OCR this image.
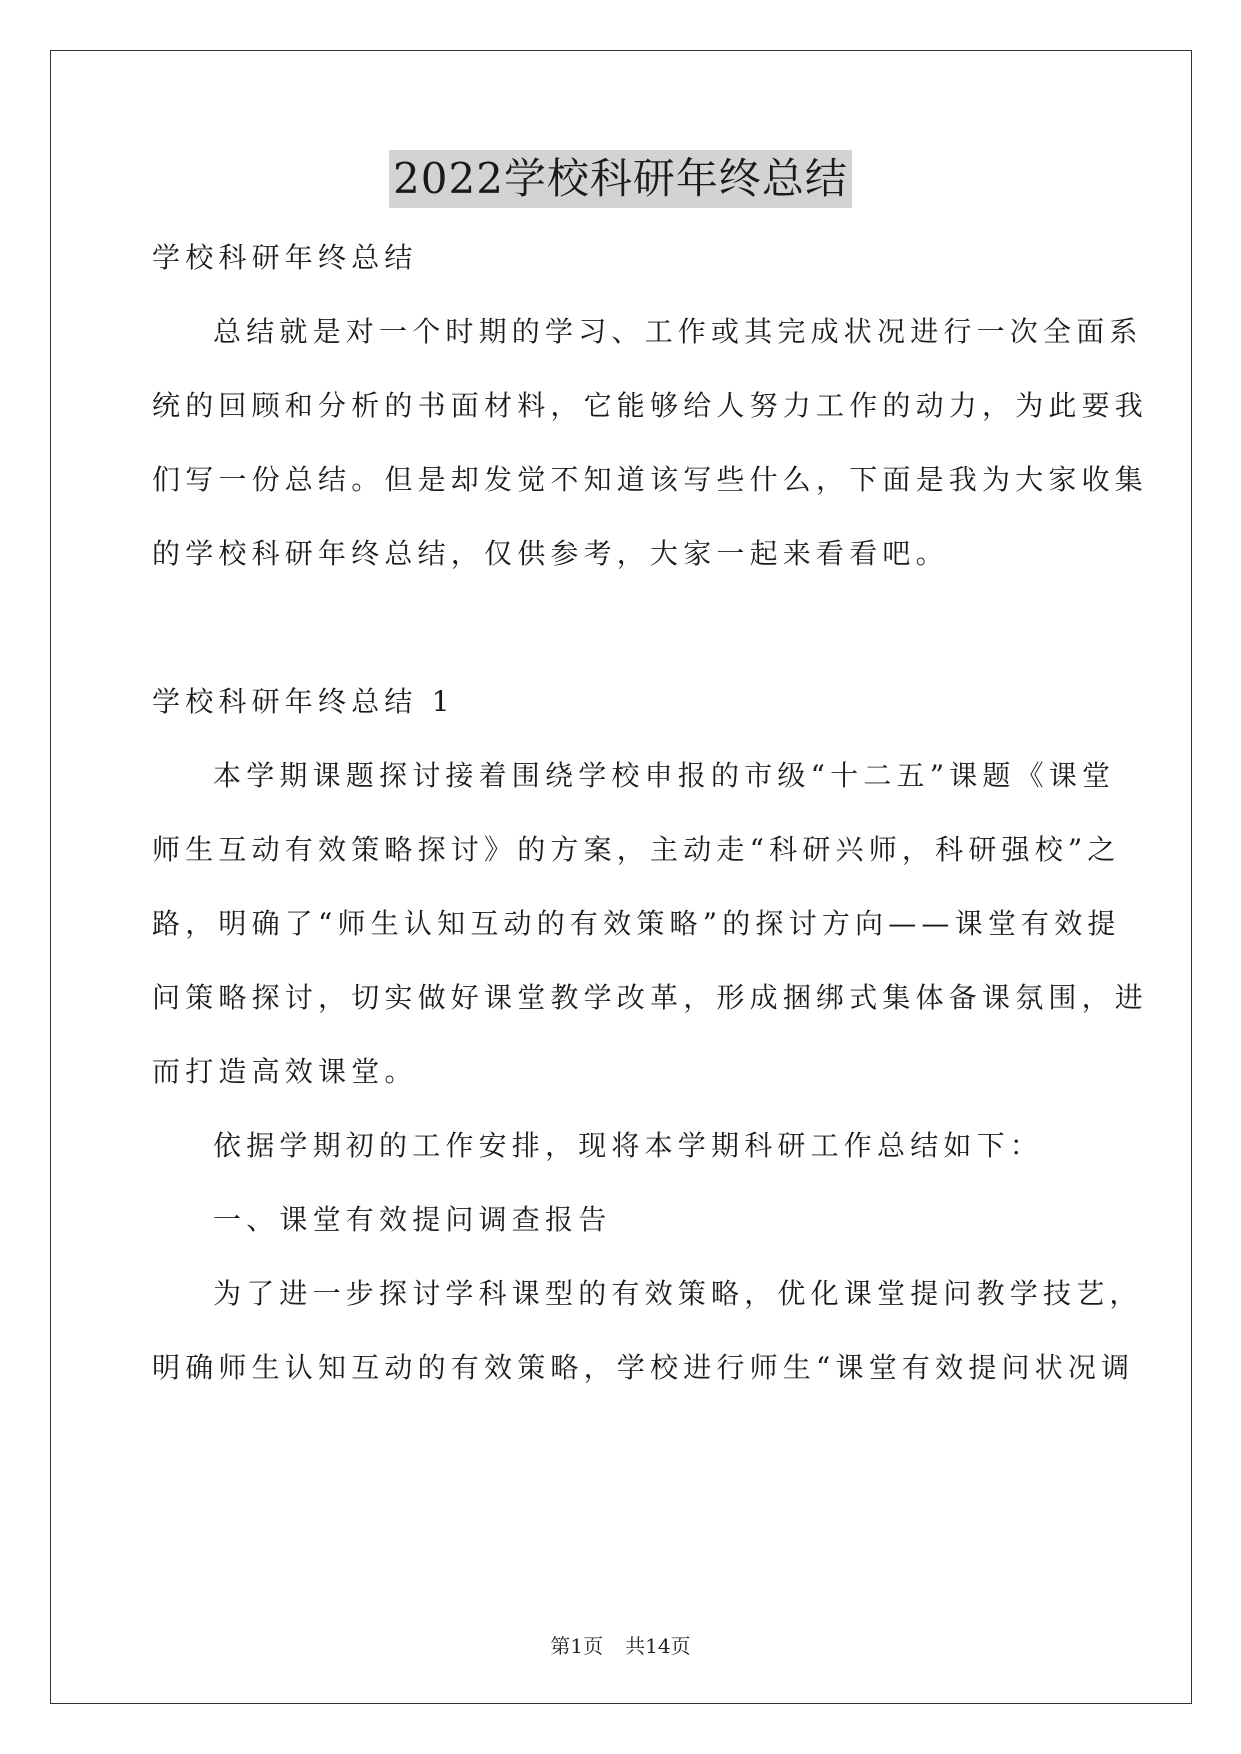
2022学校科研年终总结
学校科研年终总结
总结就是对一个时期的学习、工作或其完成状况进行一次全面系
统的回顾和分析的书面材料，它能够给人努力工作的动力，为此要我
们写一份总结。但是却发觉不知道该写些什么，下面是我为大家收集
的学校科研年终总结，仅供参考，大家一起来看看吧。
学校科研年终总结 1
本学期课题探讨接着围绕学校申报的市级“十二五”课题《课堂
师生互动有效策略探讨》的方案，主动走“科研兴师，科研强校”之
路，明确了“师生认知互动的有效策略”的探讨方向——课堂有效提
问策略探讨，切实做好课堂教学改革，形成捆绑式集体备课氛围，进
而打造高效课堂。
依据学期初的工作安排，现将本学期科研工作总结如下：
一、课堂有效提问调查报告
为了进一步探讨学科课型的有效策略，优化课堂提问教学技艺，
明确师生认知互动的有效策略，学校进行师生“课堂有效提问状况调
第1页 共14页
